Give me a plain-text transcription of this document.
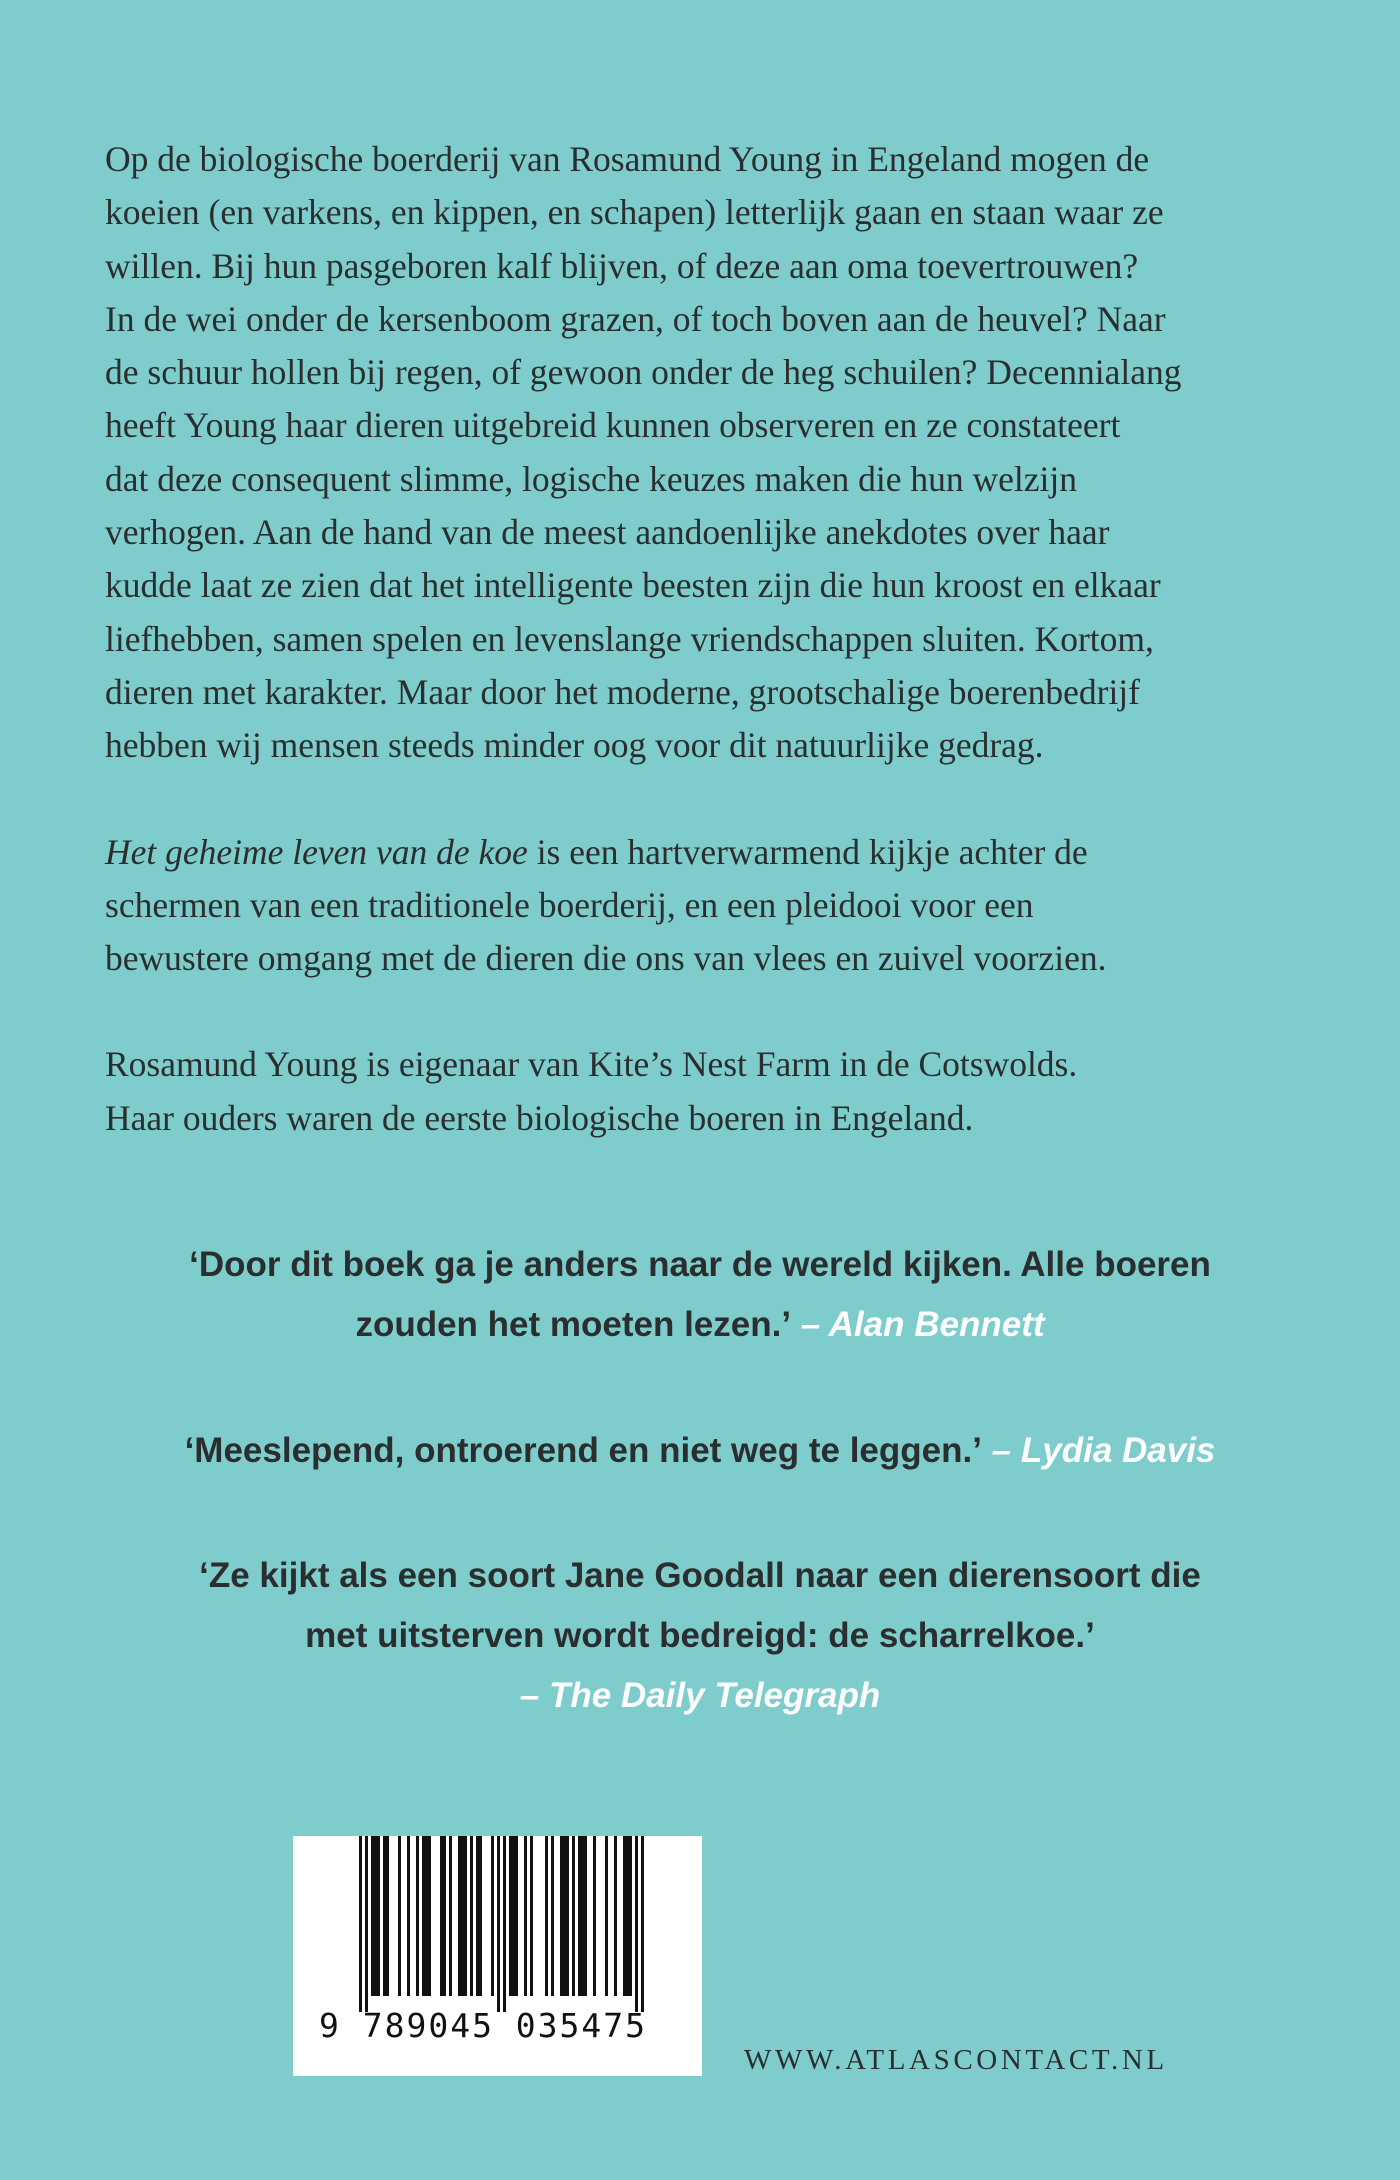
Op de biologische boerderij van Rosamund Young in Engeland mogen de
koeien (en varkens, en kippen, en schapen) letterlijk gaan en staan waar ze
willen. Bij hun pasgeboren kalf blijven, of deze aan oma toevertrouwen?
In de wei onder de kersenboom grazen, of toch boven aan de heuvel? Naar
de schuur hollen bij regen, of gewoon onder de heg schuilen? Decennialang
heeft Young haar dieren uitgebreid kunnen observeren en ze constateert
dat deze consequent slimme, logische keuzes maken die hun welzijn
verhogen. Aan de hand van de meest aandoenlijke anekdotes over haar
kudde laat ze zien dat het intelligente beesten zijn die hun kroost en elkaar
liefhebben, samen spelen en levenslange vriendschappen sluiten. Kortom,
dieren met karakter. Maar door het moderne, grootschalige boerenbedrijf
hebben wij mensen steeds minder oog voor dit natuurlijke gedrag.
Het geheime leven van de koe is een hartverwarmend kijkje achter de
schermen van een traditionele boerderij, en een pleidooi voor een
bewustere omgang met de dieren die ons van vlees en zuivel voorzien.
Rosamund Young is eigenaar van Kite’s Nest Farm in de Cotswolds.
Haar ouders waren de eerste biologische boeren in Engeland.
‘Door dit boek ga je anders naar de wereld kijken. Alle boeren
zouden het moeten lezen.’ – Alan Bennett
‘Meeslepend, ontroerend en niet weg te leggen.’ – Lydia Davis
‘Ze kijkt als een soort Jane Goodall naar een dierensoort die
met uitsterven wordt bedreigd: de scharrelkoe.’
– The Daily Telegraph
9 789045 035475
WWW.ATLASCONTACT.NL
